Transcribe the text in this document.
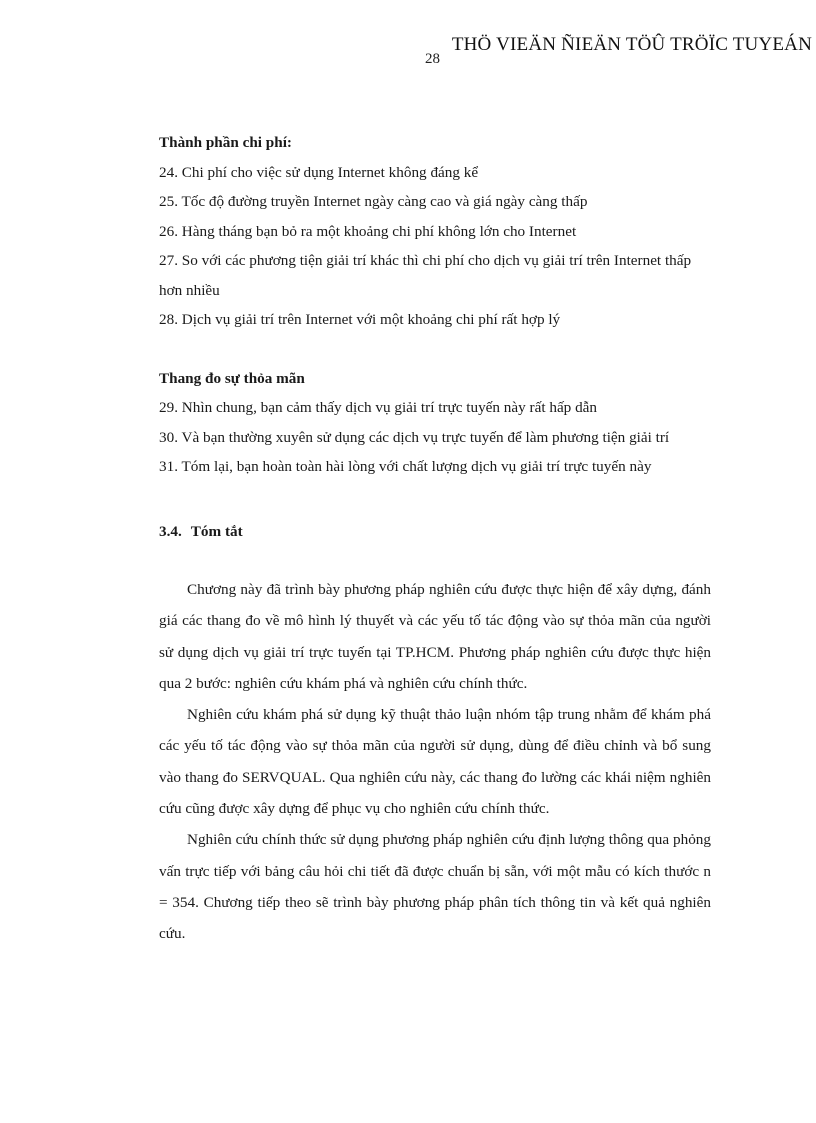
THÖ VIEÄN ÑIEÄN TÖÛ TRÖÏC TUYEÁN
28

Thành phần chi phí:

24. Chi phí cho việc sử dụng Internet không đáng kể

25. Tốc độ đường truyền Internet ngày càng cao và giá ngày càng thấp

26. Hàng tháng bạn bỏ ra một khoảng chi phí không lớn cho Internet

27. So với các phương tiện giải trí khác thì chi phí cho dịch vụ giải trí trên Internet thấp hơn nhiều

28. Dịch vụ giải trí trên Internet với một khoảng chi phí rất hợp lý

Thang đo sự thỏa mãn

29. Nhìn chung, bạn cảm thấy dịch vụ giải trí trực tuyến này rất hấp dẫn

30. Và bạn thường xuyên sử dụng các dịch vụ trực tuyến để làm phương tiện giải trí

31. Tóm lại, bạn hoàn toàn hài lòng với chất lượng dịch vụ giải trí trực tuyến này

3.4. Tóm tắt

Chương này đã trình bày phương pháp nghiên cứu được thực hiện để xây dựng, đánh giá các thang đo về mô hình lý thuyết và các yếu tố tác động vào sự thỏa mãn của người sử dụng dịch vụ giải trí trực tuyến tại TP.HCM. Phương pháp nghiên cứu được thực hiện qua 2 bước: nghiên cứu khám phá và nghiên cứu chính thức.

Nghiên cứu khám phá sử dụng kỹ thuật thảo luận nhóm tập trung nhằm để khám phá các yếu tố tác động vào sự thỏa mãn của người sử dụng, dùng để điều chỉnh và bổ sung vào thang đo SERVQUAL. Qua nghiên cứu này, các thang đo lường các khái niệm nghiên cứu cũng được xây dựng để phục vụ cho nghiên cứu chính thức.

Nghiên cứu chính thức sử dụng phương pháp nghiên cứu định lượng thông qua phỏng vấn trực tiếp với bảng câu hỏi chi tiết đã được chuẩn bị sẵn, với một mẫu có kích thước n = 354. Chương tiếp theo sẽ trình bày phương pháp phân tích thông tin và kết quả nghiên cứu.
